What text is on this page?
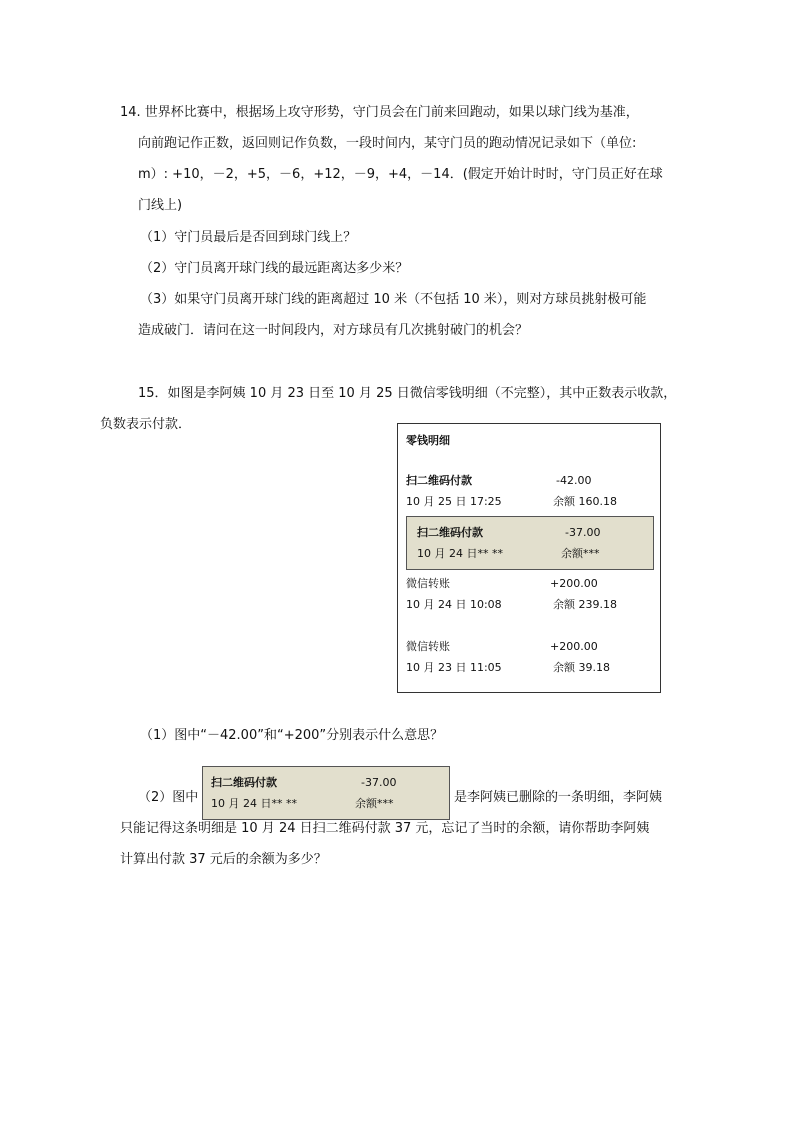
14. 世界杯比赛中，根据场上攻守形势，守门员会在门前来回跑动，如果以球门线为基准，
向前跑记作正数，返回则记作负数，一段时间内，某守门员的跑动情况记录如下（单位:
m）: +10，－2，+5，－6，+12，－9，+4，－14．(假定开始计时时，守门员正好在球
门线上)
（1）守门员最后是否回到球门线上？
（2）守门员离开球门线的最远距离达多少米？
（3）如果守门员离开球门线的距离超过 10 米（不包括 10 米），则对方球员挑射极可能
造成破门．请问在这一时间段内，对方球员有几次挑射破门的机会？
15．如图是李阿姨 10 月 23 日至 10 月 25 日微信零钱明细（不完整），其中正数表示收款，
负数表示付款．
零钱明细
扫二维码付款	-42.00
10 月 25 日 17:25	余额 160.18
扫二维码付款	-37.00
10 月 24 日** **	余额***
微信转账	+200.00
10 月 24 日 10:08	余额 239.18
微信转账	+200.00
10 月 23 日 11:05	余额 39.18
（1）图中“－42.00”和“+200”分别表示什么意思？
（2）图中
扫二维码付款	-37.00
10 月 24 日** **	余额***	是李阿姨已删除的一条明细，李阿姨
只能记得这条明细是 10 月 24 日扫二维码付款 37 元，忘记了当时的余额，请你帮助李阿姨
计算出付款 37 元后的余额为多少？
